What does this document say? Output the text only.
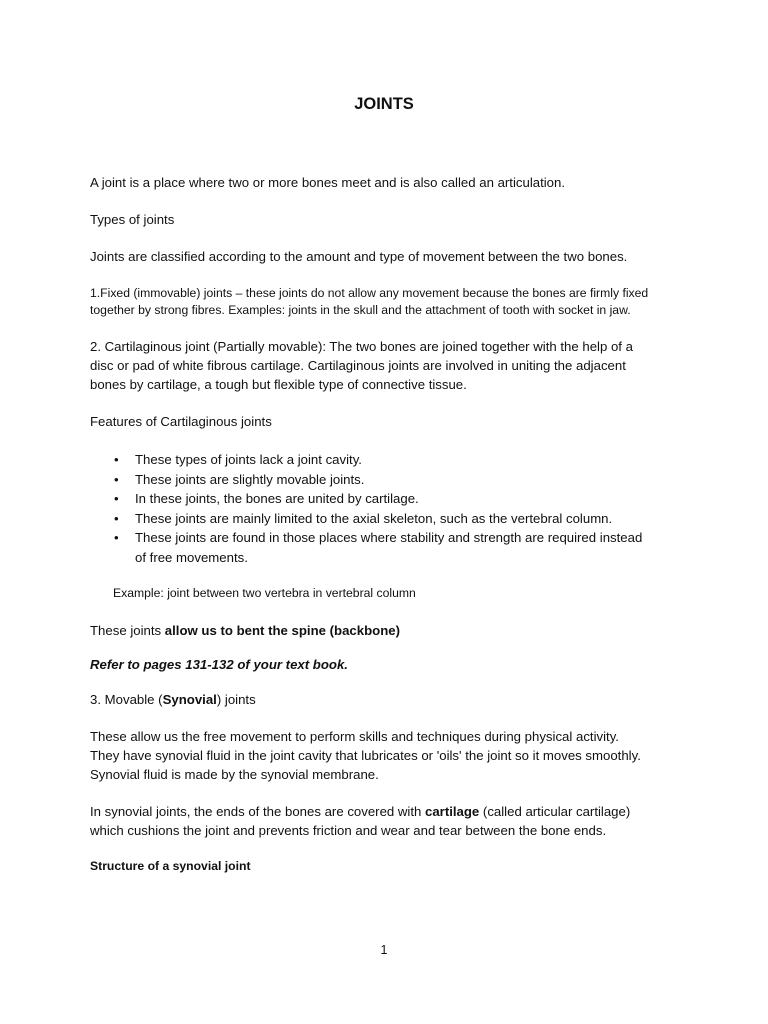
JOINTS

A joint is a place where two or more bones meet and is also called an articulation.

Types of joints

Joints are classified according to the amount and type of movement between the two bones.

1.Fixed (immovable) joints – these joints do not allow any movement because the bones are firmly fixed

together by strong fibres. Examples: joints in the skull and the attachment of tooth with socket in jaw.

2. Cartilaginous joint (Partially movable): The two bones are joined together with the help of a

disc or pad of white fibrous cartilage. Cartilaginous joints are involved in uniting the adjacent

bones by cartilage, a tough but flexible type of connective tissue.

Features of Cartilaginous joints

• These types of joints lack a joint cavity.
• These joints are slightly movable joints.
• In these joints, the bones are united by cartilage.
• These joints are mainly limited to the axial skeleton, such as the vertebral column.
• These joints are found in those places where stability and strength are required instead
of free movements.

Example: joint between two vertebra in vertebral column

These joints allow us to bent the spine (backbone)

Refer to pages 131-132 of your text book.

3. Movable (Synovial) joints

These allow us the free movement to perform skills and techniques during physical activity.

They have synovial fluid in the joint cavity that lubricates or 'oils' the joint so it moves smoothly.

Synovial fluid is made by the synovial membrane.

In synovial joints, the ends of the bones are covered with cartilage (called articular cartilage)

which cushions the joint and prevents friction and wear and tear between the bone ends.

Structure of a synovial joint

1
